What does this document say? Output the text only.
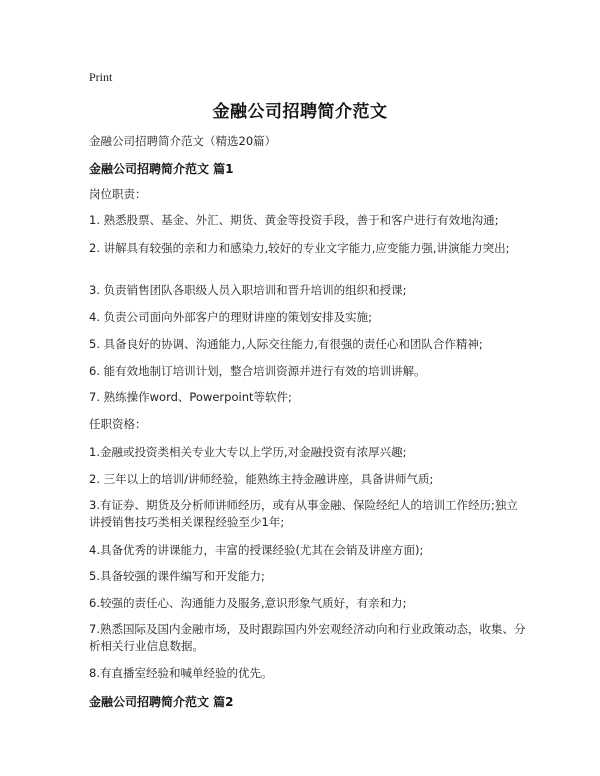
Print
金融公司招聘简介范文
金融公司招聘简介范文（精选20篇）
金融公司招聘简介范文 篇1
岗位职责：
1. 熟悉股票、基金、外汇、期货、黄金等投资手段，善于和客户进行有效地沟通;
2. 讲解具有较强的亲和力和感染力,较好的专业文字能力,应变能力强,讲演能力突出;
3. 负责销售团队各职级人员入职培训和晋升培训的组织和授课;
4. 负责公司面向外部客户的理财讲座的策划安排及实施;
5. 具备良好的协调、沟通能力,人际交往能力,有很强的责任心和团队合作精神;
6. 能有效地制订培训计划，整合培训资源并进行有效的培训讲解。
7. 熟练操作word、Powerpoint等软件;
任职资格：
1.金融或投资类相关专业大专以上学历,对金融投资有浓厚兴趣;
2. 三年以上的培训/讲师经验，能熟练主持金融讲座，具备讲师气质;
3.有证券、期货及分析师讲师经历，或有从事金融、保险经纪人的培训工作经历;独立讲授销售技巧类相关课程经验至少1年;
4.具备优秀的讲课能力，丰富的授课经验(尤其在会销及讲座方面);
5.具备较强的课件编写和开发能力;
6.较强的责任心、沟通能力及服务,意识形象气质好，有亲和力;
7.熟悉国际及国内金融市场，及时跟踪国内外宏观经济动向和行业政策动态，收集、分析相关行业信息数据。
8.有直播室经验和喊单经验的优先。
金融公司招聘简介范文 篇2
